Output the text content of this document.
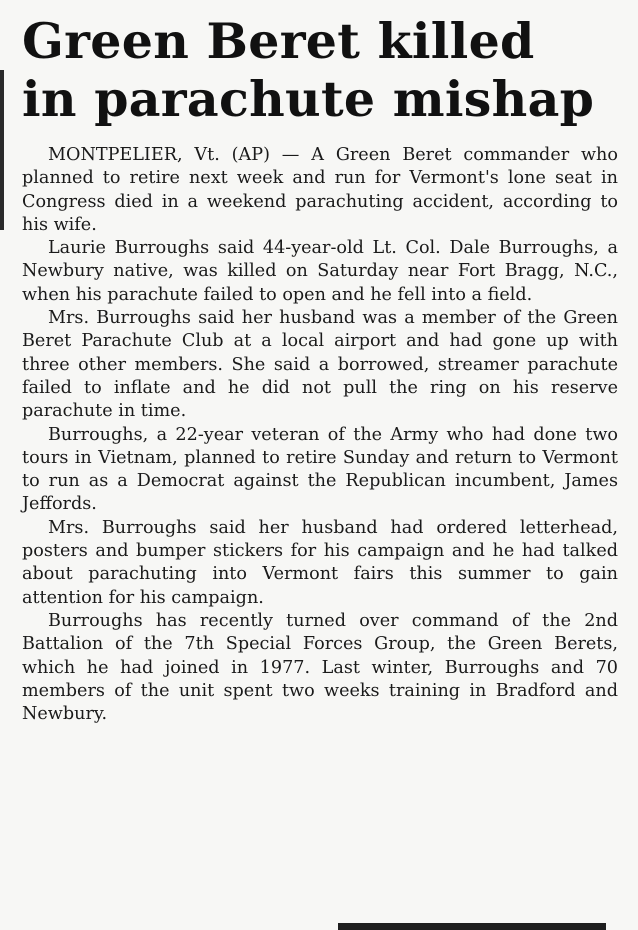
Green Beret killed
in parachute mishap

MONTPELIER, Vt. (AP) — A Green Beret commander who planned to retire next week and run for Vermont's lone seat in Congress died in a weekend parachuting accident, according to his wife.

Laurie Burroughs said 44-year-old Lt. Col. Dale Burroughs, a Newbury native, was killed on Saturday near Fort Bragg, N.C., when his parachute failed to open and he fell into a field.

Mrs. Burroughs said her husband was a member of the Green Beret Parachute Club at a local airport and had gone up with three other members. She said a borrowed, streamer parachute failed to inflate and he did not pull the ring on his reserve parachute in time.

Burroughs, a 22-year veteran of the Army who had done two tours in Vietnam, planned to retire Sunday and return to Vermont to run as a Democrat against the Republican incumbent, James Jeffords.

Mrs. Burroughs said her husband had ordered letterhead, posters and bumper stickers for his campaign and he had talked about parachuting into Vermont fairs this summer to gain attention for his campaign.

Burroughs has recently turned over command of the 2nd Battalion of the 7th Special Forces Group, the Green Berets, which he had joined in 1977. Last winter, Burroughs and 70 members of the unit spent two weeks training in Bradford and Newbury.
